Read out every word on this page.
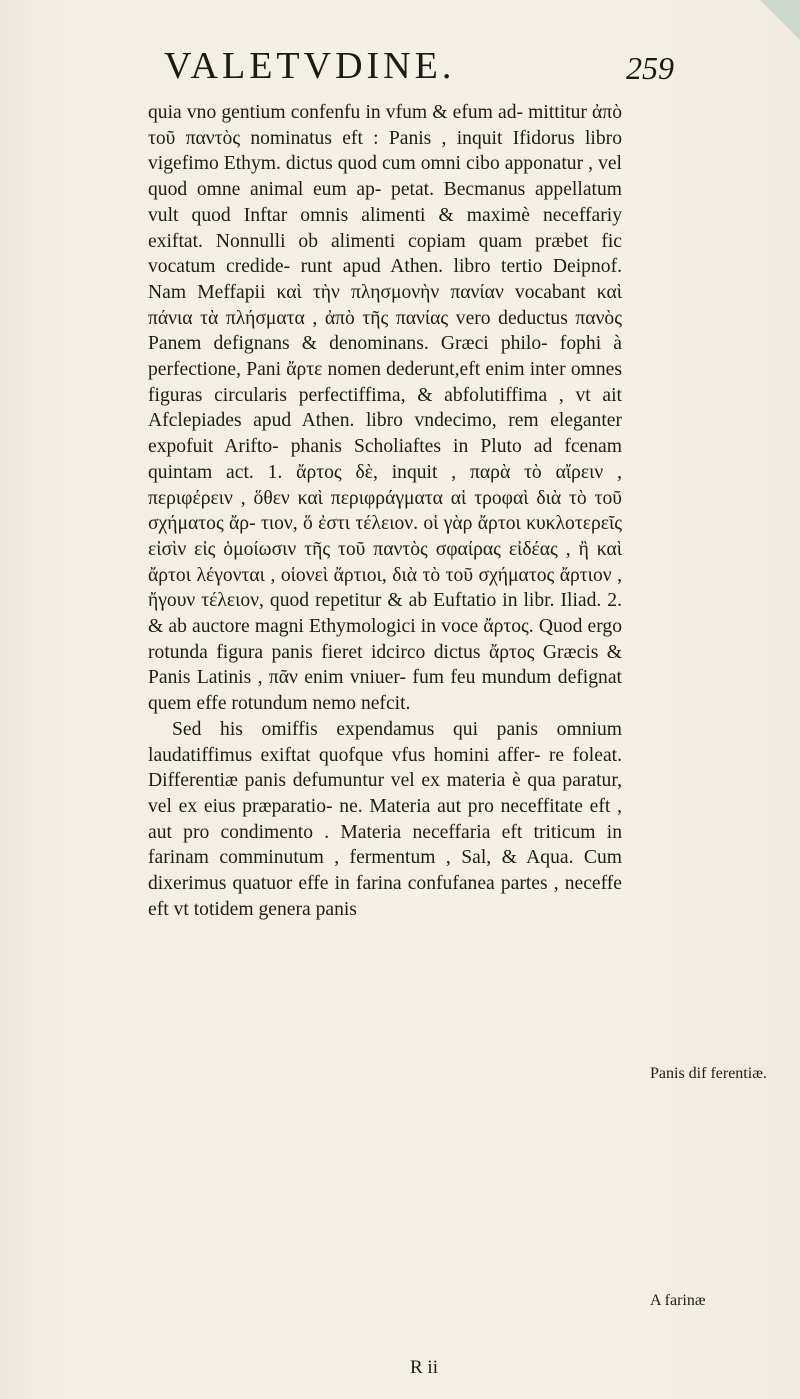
VALETVDINE.	259

quia vno gentium confenfu in vfum & efum ad- mittitur ἀπὸ τοῦ παντὸς nominatus eft : Panis , inquit Ifidorus libro vigefimo Ethym. dictus quod cum omni cibo apponatur , vel quod omne animal eum ap- petat. Becmanus appellatum vult quod Inftar omnis alimenti & maximè neceffariy exiftat. Nonnulli ob alimenti copiam quam præbet fic vocatum credide- runt apud Athen. libro tertio Deipnof. Nam Meffapii καὶ τὴν πλησμονὴν πανίαν vocabant καὶ πάνια τὰ πλήσματα , ἀπὸ τῆς πανίας vero deductus πανὸς Panem defignans & denominans. Græci philo- fophi à perfectione, Pani ἄρτε nomen dederunt,eft enim inter omnes figuras circularis perfectiffima, & abfolutiffima , vt ait Afclepiades apud Athen. libro vndecimo, rem eleganter expofuit Arifto- phanis Scholiaftes in Pluto ad fcenam quintam act. 1. ἄρτος δὲ, inquit , παρὰ τὸ αἴρειν , περιφέρειν , ὅθεν καὶ περιφράγματα αἱ τροφαὶ διὰ τὸ τοῦ σχήματος ἄρ- τιον, ὅ ἐστι τέλειον. οἱ γὰρ ἄρτοι κυκλοτερεῖς εἰσὶν εἰς ὁμοίωσιν τῆς τοῦ παντὸς σφαίρας εἰδέας , ἢ καὶ ἄρτοι λέγονται , οἱονεὶ ἄρτιοι, διὰ τὸ τοῦ σχήματος ἄρτιον , ἤγουν τέλειον, quod repetitur & ab Euftatio in libr. Iliad. 2. & ab auctore magni Ethymologici in voce ἄρτος. Quod ergo rotunda figura panis fieret idcirco dictus ἄρτος Græcis & Panis Latinis , πᾶν enim vniuer- fum feu mundum defignat quem effe rotundum nemo nefcit.

Sed his omiffis expendamus qui panis omnium laudatiffimus exiftat quofque vfus homini affer- re foleat. Differentiæ panis defumuntur vel ex materia è qua paratur, vel ex eius præparatio- ne. Materia aut pro neceffitate eft , aut pro condimento . Materia neceffaria eft triticum in farinam comminutum , fermentum , Sal, & Aqua. Cum dixerimus quatuor effe in farina confufanea partes , neceffe eft vt totidem genera panis

Panis dif ferentiæ.
A farinæ
R ii
